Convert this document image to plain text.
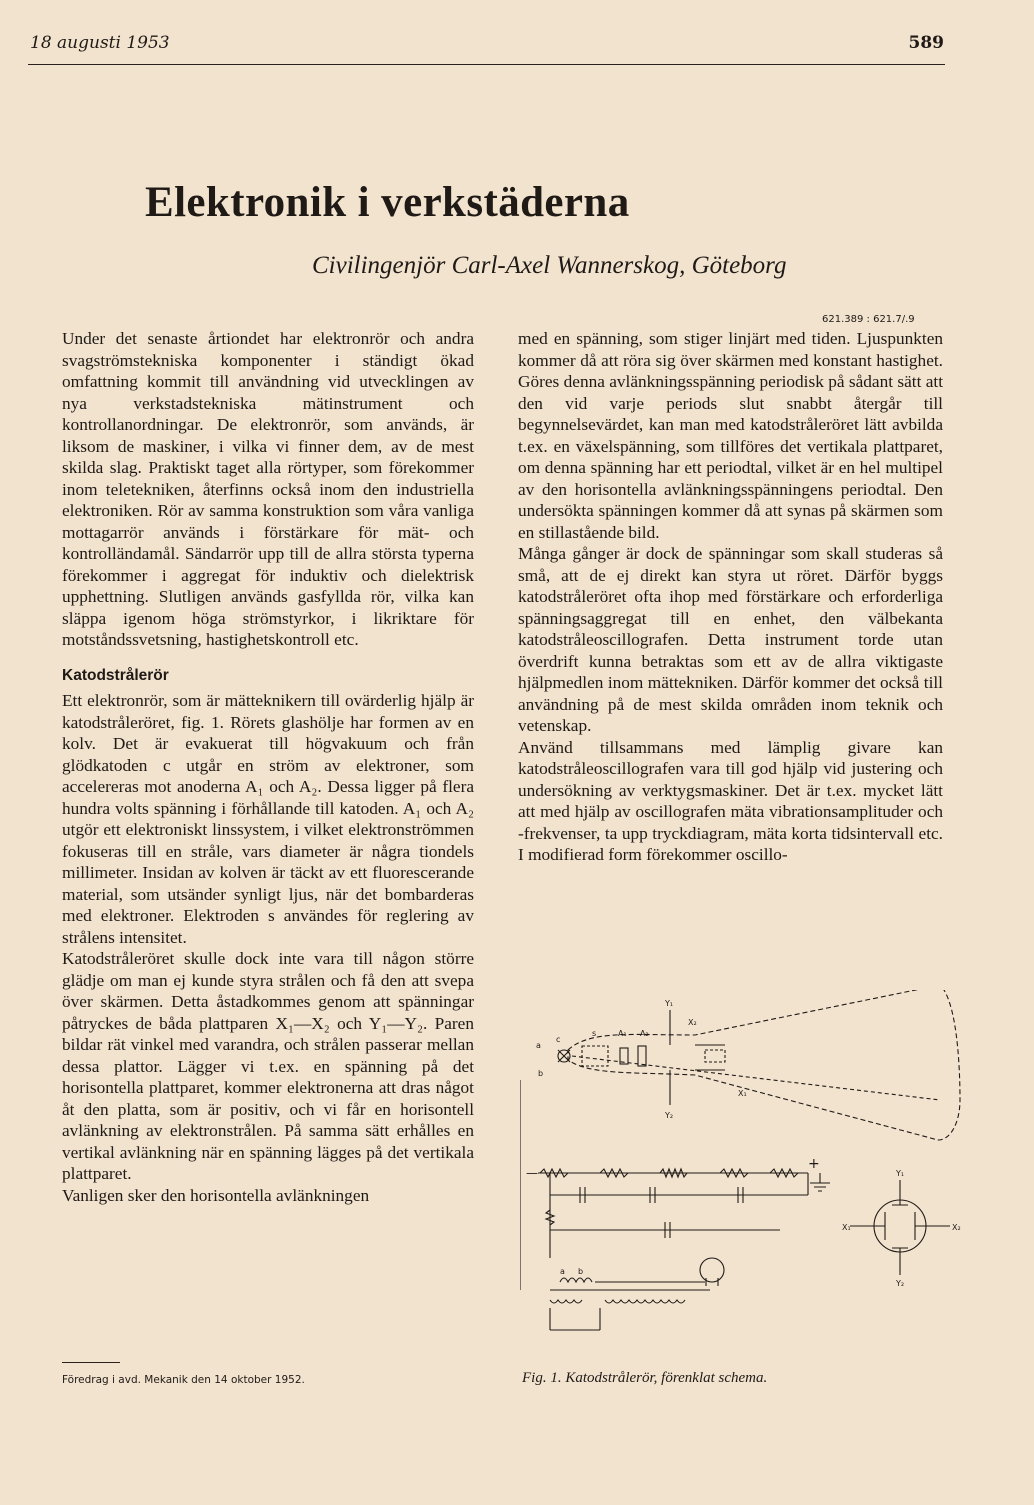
18 augusti 1953	589
Elektronik i verkstäderna
Civilingenjör Carl-Axel Wannerskog, Göteborg
621.389 : 621.7/.9

Under det senaste årtiondet har elektronrör och andra svagströmstekniska komponenter i ständigt ökad omfattning kommit till användning vid utvecklingen av nya verkstadstekniska mätinstrument och kontrollanordningar. De elektronrör, som används, är liksom de maskiner, i vilka vi finner dem, av de mest skilda slag. Praktiskt taget alla rörtyper, som förekommer inom teletekniken, återfinns också inom den industriella elektroniken. Rör av samma konstruktion som våra vanliga mottagarrör används i förstärkare för mät- och kontrolländamål. Sändarrör upp till de allra största typerna förekommer i aggregat för induktiv och dielektrisk upphettning. Slutligen används gasfyllda rör, vilka kan släppa igenom höga strömstyrkor, i likriktare för motståndssvetsning, hastighetskontroll etc.

Katodstrålerör

Ett elektronrör, som är mätteknikern till ovärderlig hjälp är katodstråleröret, fig. 1. Rörets glashölje har formen av en kolv. Det är evakuerat till högvakuum och från glödkatoden c utgår en ström av elektroner, som accelereras mot anoderna A₁ och A₂. Dessa ligger på flera hundra volts spänning i förhållande till katoden. A₁ och A₂ utgör ett elektroniskt linssystem, i vilket elektronströmmen fokuseras till en stråle, vars diameter är några tiondels millimeter. Insidan av kolven är täckt av ett fluorescerande material, som utsänder synligt ljus, när det bombarderas med elektroner. Elektroden s användes för reglering av strålens intensitet.

Katodstråleröret skulle dock inte vara till någon större glädje om man ej kunde styra strålen och få den att svepa över skärmen. Detta åstadkommes genom att spänningar påtryckes de båda plattparen X₁—X₂ och Y₁—Y₂. Paren bildar rät vinkel med varandra, och strålen passerar mellan dessa plattor. Lägger vi t.ex. en spänning på det horisontella plattparet, kommer elektronerna att dras något åt den platta, som är positiv, och vi får en horisontell avlänkning av elektronstrålen. På samma sätt erhålles en vertikal avlänkning när en spänning lägges på det vertikala plattparet.

Vanligen sker den horisontella avlänkningen

med en spänning, som stiger linjärt med tiden. Ljuspunkten kommer då att röra sig över skärmen med konstant hastighet. Göres denna avlänkningsspänning periodisk på sådant sätt att den vid varje periods slut snabbt återgår till begynnelsevärdet, kan man med katodstråleröret lätt avbilda t.ex. en växelspänning, som tillföres det vertikala plattparet, om denna spänning har ett periodtal, vilket är en hel multipel av den horisontella avlänkningsspänningens periodtal. Den undersökta spänningen kommer då att synas på skärmen som en stillastående bild.

Många gånger är dock de spänningar som skall studeras så små, att de ej direkt kan styra ut röret. Därför byggs katodstråleröret ofta ihop med förstärkare och erforderliga spänningsaggregat till en enhet, den välbekanta katodstråleoscillografen. Detta instrument torde utan överdrift kunna betraktas som ett av de allra viktigaste hjälpmedlen inom mättekniken. Därför kommer det också till användning på de mest skilda områden inom teknik och vetenskap.

Använd tillsammans med lämplig givare kan katodstråleoscillografen vara till god hjälp vid justering och undersökning av verktygsmaskiner. Det är t.ex. mycket lätt att med hjälp av oscillografen mäta vibrationsamplituder och -frekvenser, ta upp tryckdiagram, mäta korta tidsintervall etc. I modifierad form förekommer oscillo-

Y₁
X₂
s	A₁ A₂
c
a
b
X₁
Y₂
—
+
a b
Y₁
X₁	X₂
Y₂
Fig. 1. Katodstrålerör, förenklat schema.
Föredrag i avd. Mekanik den 14 oktober 1952.
